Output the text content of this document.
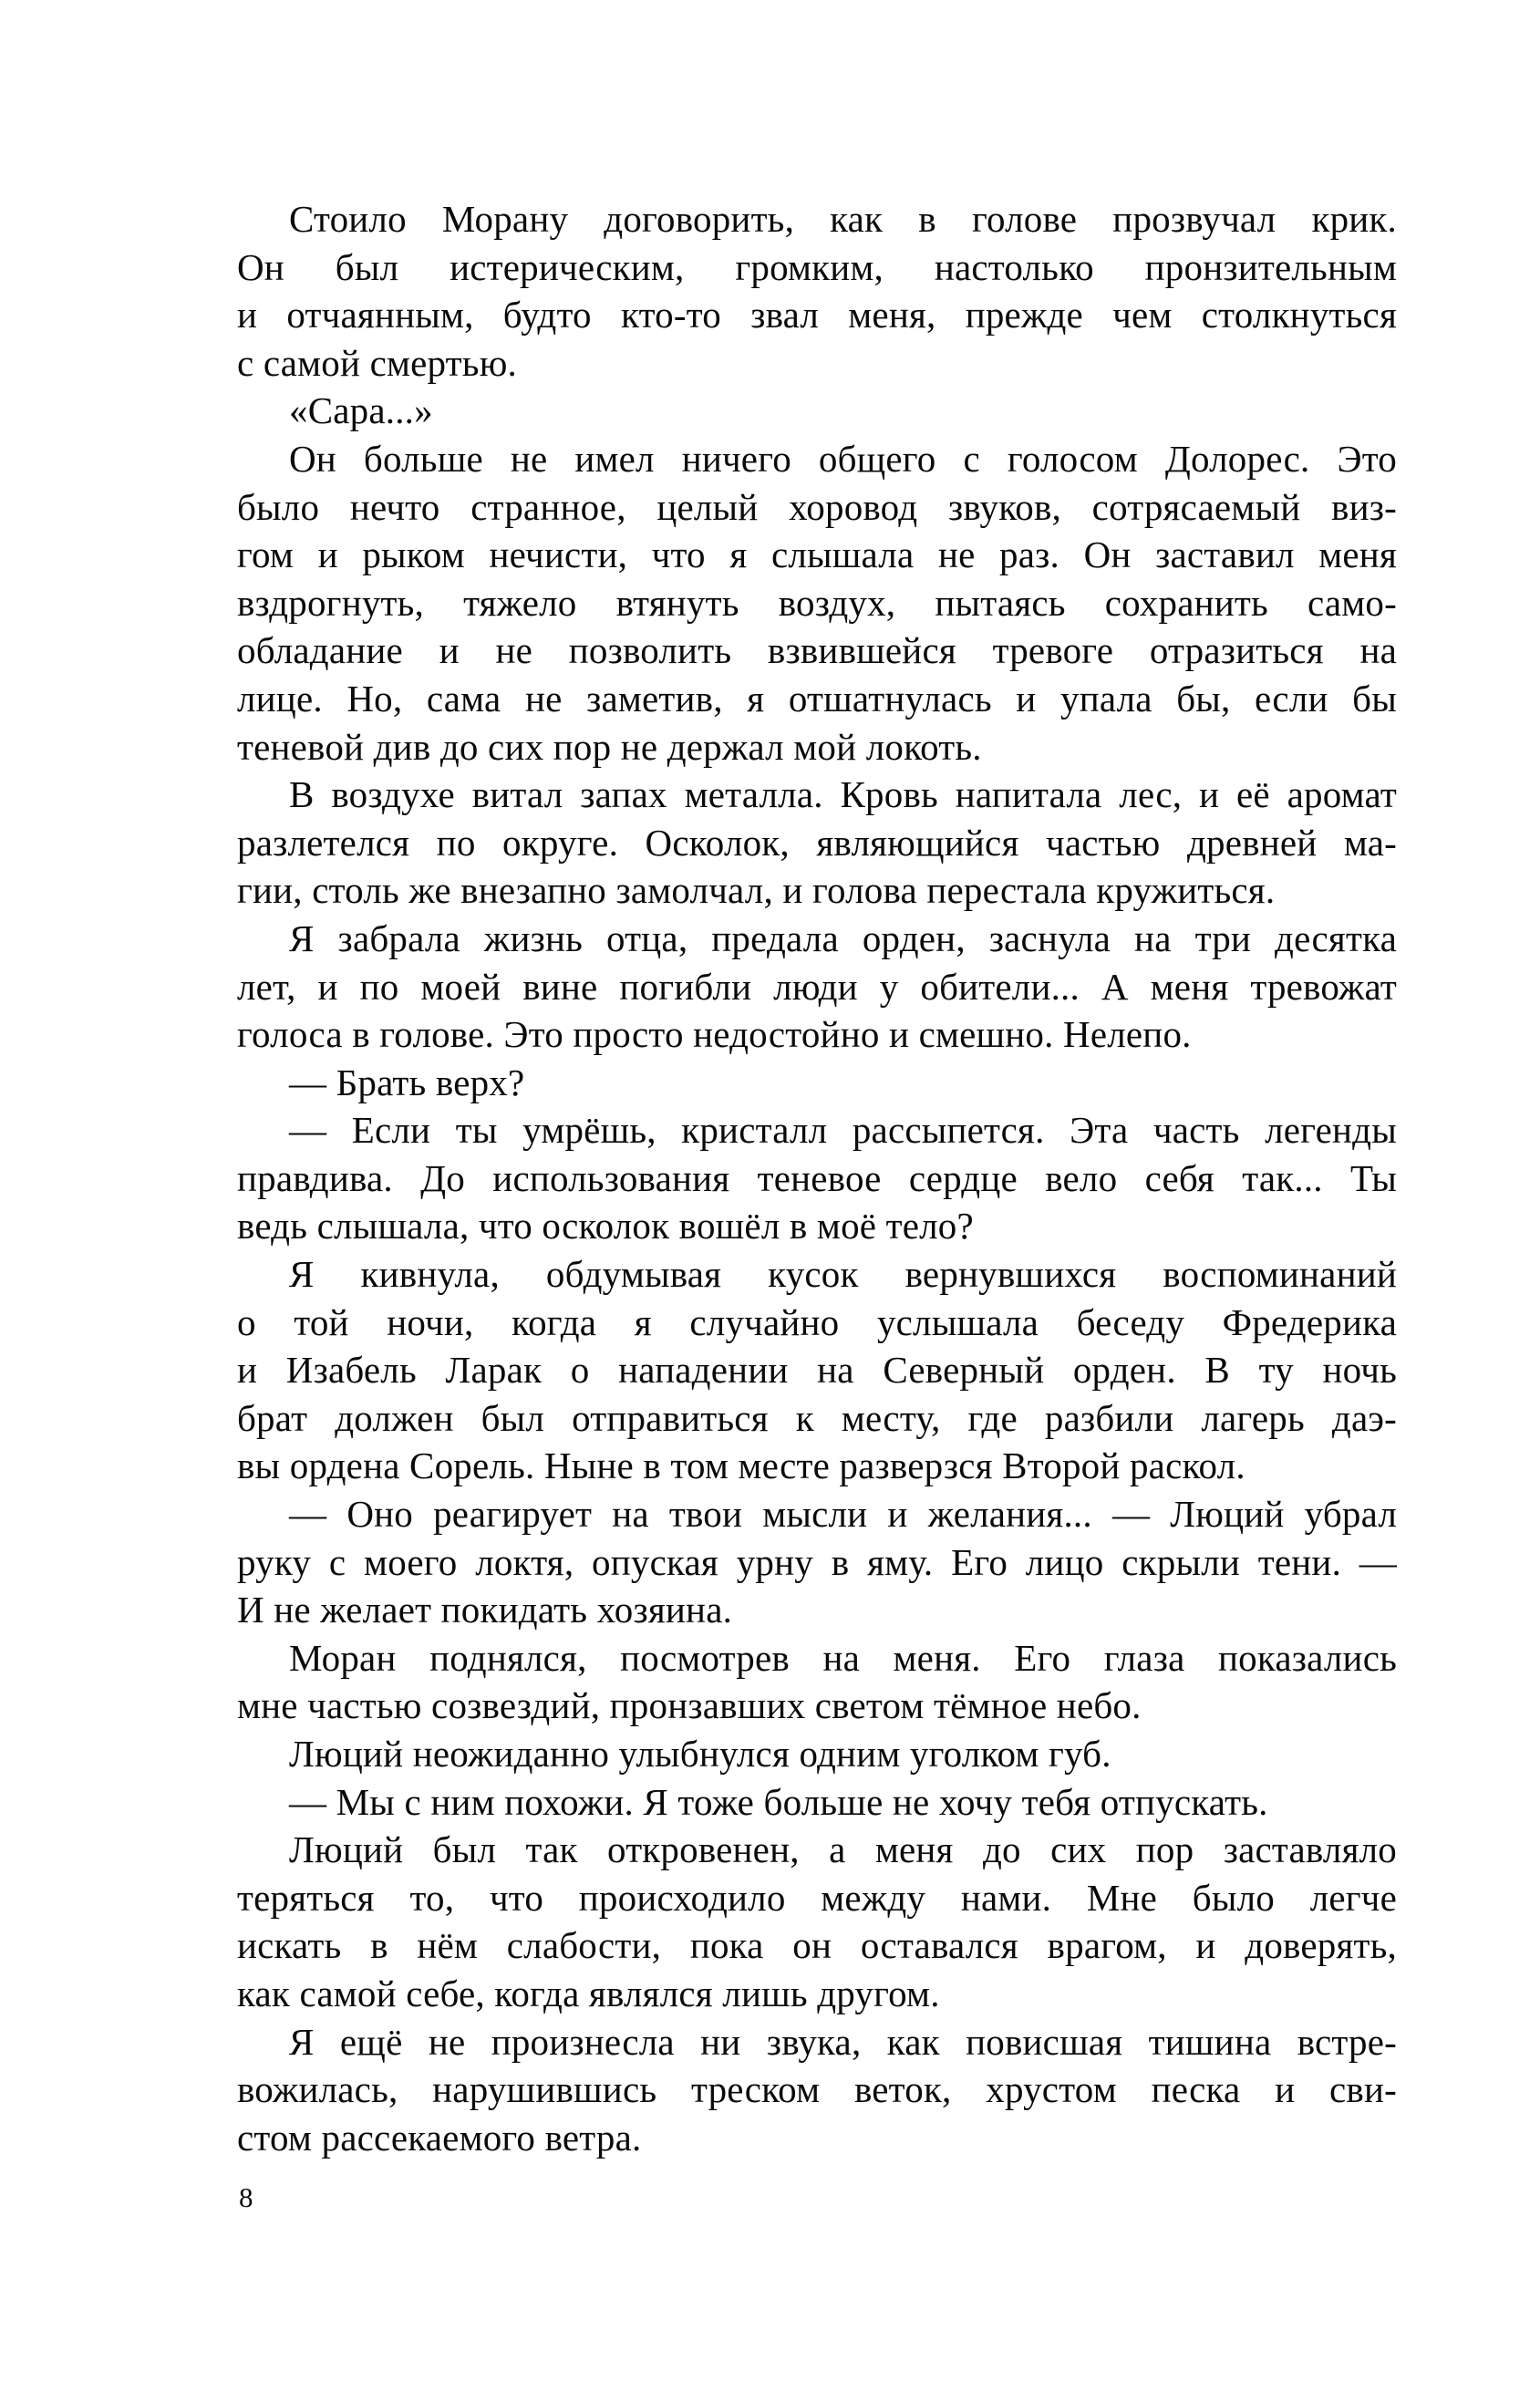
Стоило Морану договорить, как в голове прозвучал крик.
Он был истерическим, громким, настолько пронзительным
и отчаянным, будто кто-то звал меня, прежде чем столкнуться
с самой смертью.
«Сара...»
Он больше не имел ничего общего с голосом Долорес. Это
было нечто странное, целый хоровод звуков, сотрясаемый виз-
гом и рыком нечисти, что я слышала не раз. Он заставил меня
вздрогнуть, тяжело втянуть воздух, пытаясь сохранить само-
обладание и не позволить взвившейся тревоге отразиться на
лице. Но, сама не заметив, я отшатнулась и упала бы, если бы
теневой див до сих пор не держал мой локоть.
В воздухе витал запах металла. Кровь напитала лес, и её аромат
разлетелся по округе. Осколок, являющийся частью древней ма-
гии, столь же внезапно замолчал, и голова перестала кружиться.
Я забрала жизнь отца, предала орден, заснула на три десятка
лет, и по моей вине погибли люди у обители... А меня тревожат
голоса в голове. Это просто недостойно и смешно. Нелепо.
— Брать верх?
— Если ты умрёшь, кристалл рассыпется. Эта часть легенды
правдива. До использования теневое сердце вело себя так... Ты
ведь слышала, что осколок вошёл в моё тело?
Я кивнула, обдумывая кусок вернувшихся воспоминаний
о той ночи, когда я случайно услышала беседу Фредерика
и Изабель Ларак о нападении на Северный орден. В ту ночь
брат должен был отправиться к месту, где разбили лагерь даэ-
вы ордена Сорель. Ныне в том месте разверзся Второй раскол.
— Оно реагирует на твои мысли и желания... — Люций убрал
руку с моего локтя, опуская урну в яму. Его лицо скрыли тени. —
И не желает покидать хозяина.
Моран поднялся, посмотрев на меня. Его глаза показались
мне частью созвездий, пронзавших светом тёмное небо.
Люций неожиданно улыбнулся одним уголком губ.
— Мы с ним похожи. Я тоже больше не хочу тебя отпускать.
Люций был так откровенен, а меня до сих пор заставляло
теряться то, что происходило между нами. Мне было легче
искать в нём слабости, пока он оставался врагом, и доверять,
как самой себе, когда являлся лишь другом.
Я ещё не произнесла ни звука, как повисшая тишина встре-
вожилась, нарушившись треском веток, хрустом песка и сви-
стом рассекаемого ветра.
8
